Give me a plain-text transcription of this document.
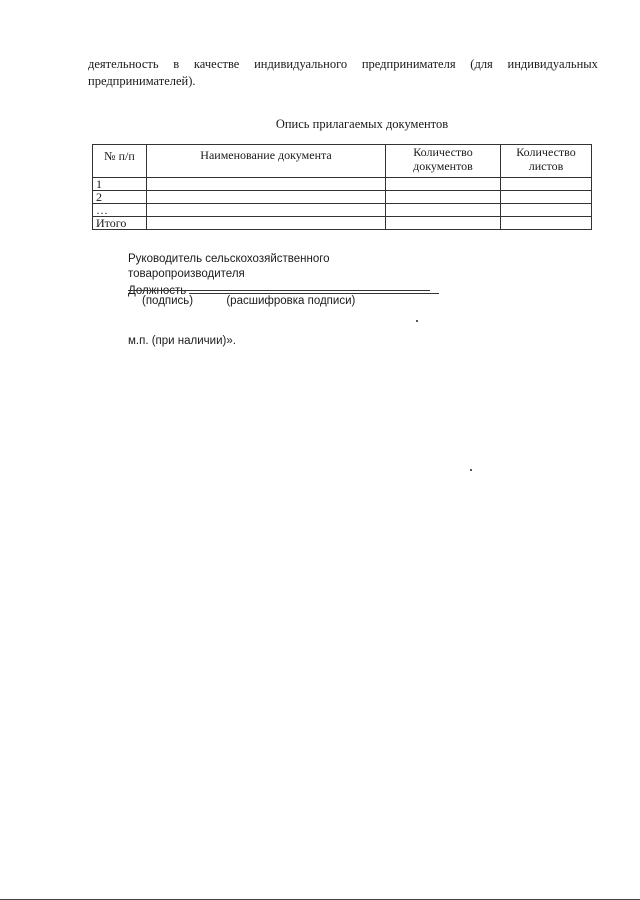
деятельность в качестве индивидуального предпринимателя (для индивидуальных
предпринимателей).
Опись прилагаемых документов
№ п/п	Наименование документа	Количество документов	Количество листов
1			
2			
…			
Итого			
Руководитель сельскохозяйственного товаропроизводителя
Должность
(подпись)	(расшифровка подписи)
м.п. (при наличии)».
